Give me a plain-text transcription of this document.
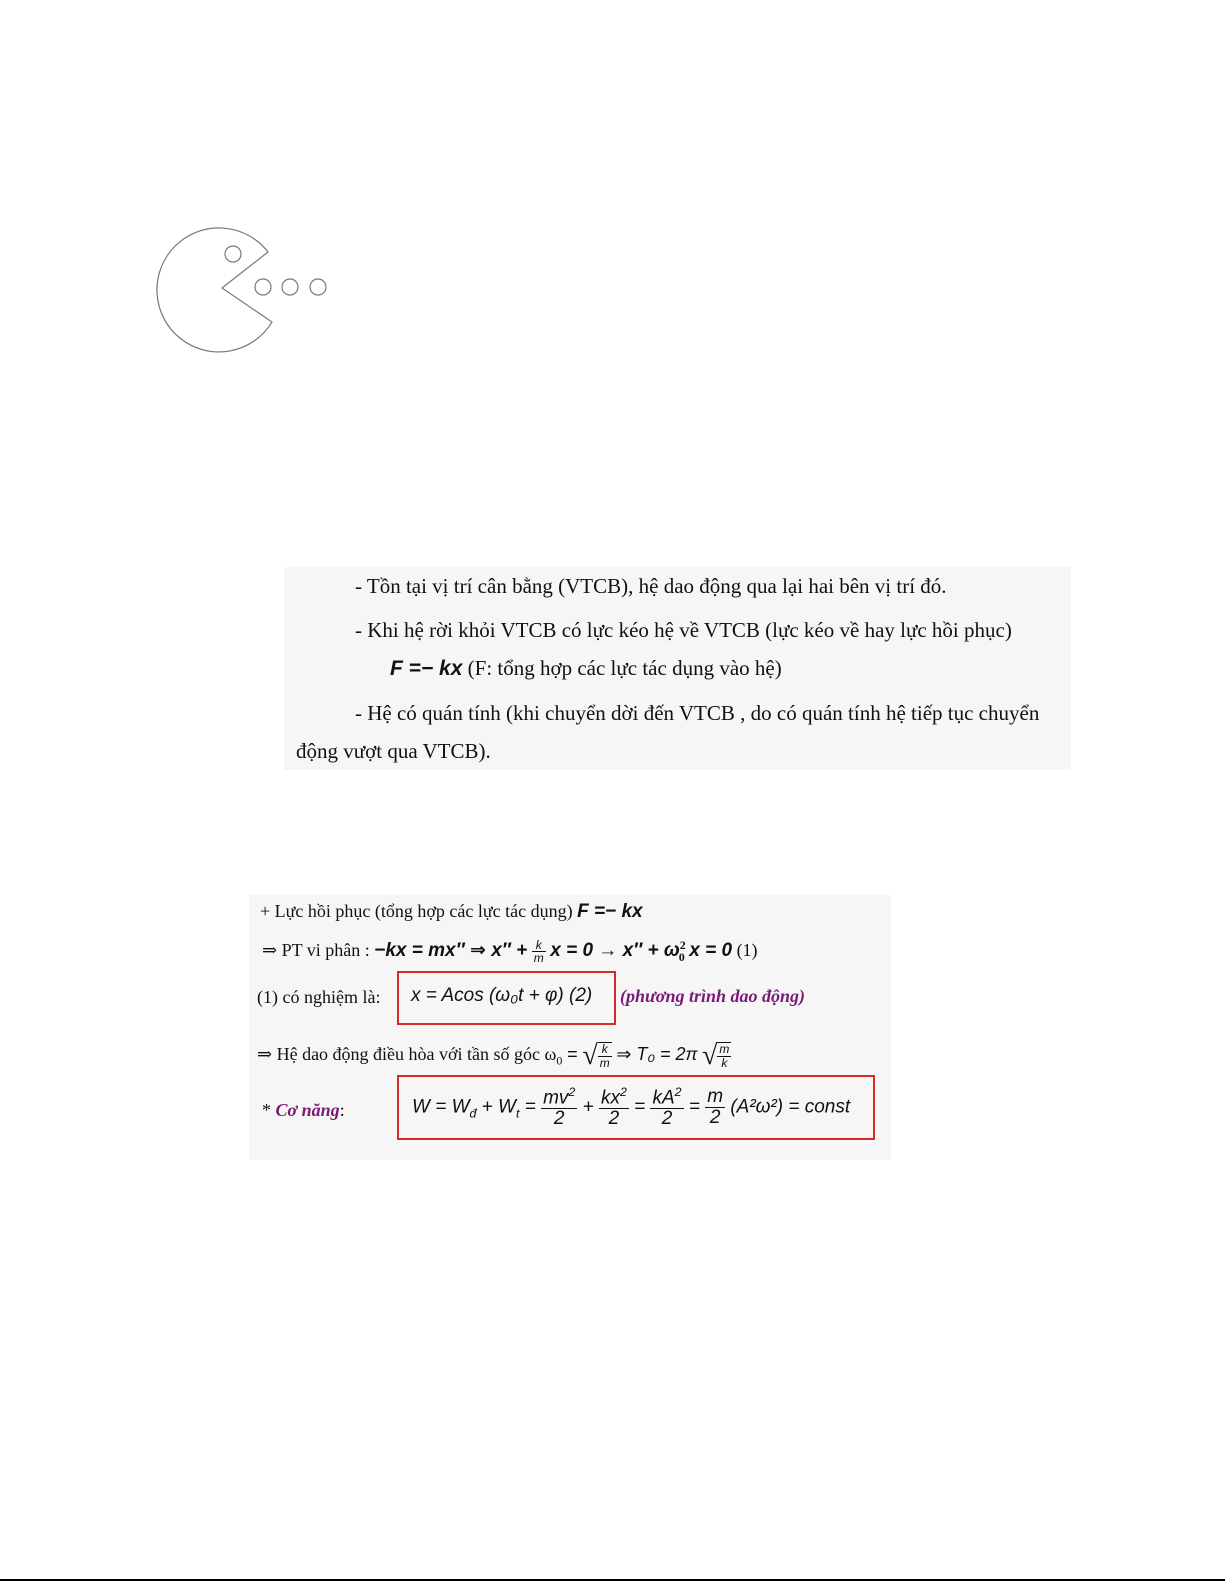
- Tồn tại vị trí cân bằng (VTCB), hệ dao động qua lại hai bên vị trí đó.
- Khi hệ rời khỏi VTCB có lực kéo hệ về VTCB (lực kéo về hay lực hồi phục)
F =− kx (F: tổng hợp các lực tác dụng vào hệ)
- Hệ có quán tính (khi chuyển dời đến VTCB , do có quán tính hệ tiếp tục chuyển
động vượt qua VTCB).
+ Lực hồi phục (tổng hợp các lực tác dụng) F =− kx
⇒ PT vi phân : −kx = mx″ ⇒ $x'' + \frac{k}{m}$ $x = 0 \to x'' + \omega^2_0$ x = 0 (1)
(1) có nghiệm là: x = Acos (ω₀t + φ) (2) (phương trình dao động)
⇒ Hệ dao động điều hòa với tần số góc $\omega_0$ = √ $\frac{k}{m}$ ⇒ T₀ = 2π √ $\frac{m}{k}$
* Cơ năng:	$W = W_đ + W_t = \frac{mv^2}{2} + \frac{kx^2}{2} = \frac{kA^2}{2} = \frac{m}{2} (A^2\omega^2)$ = const
